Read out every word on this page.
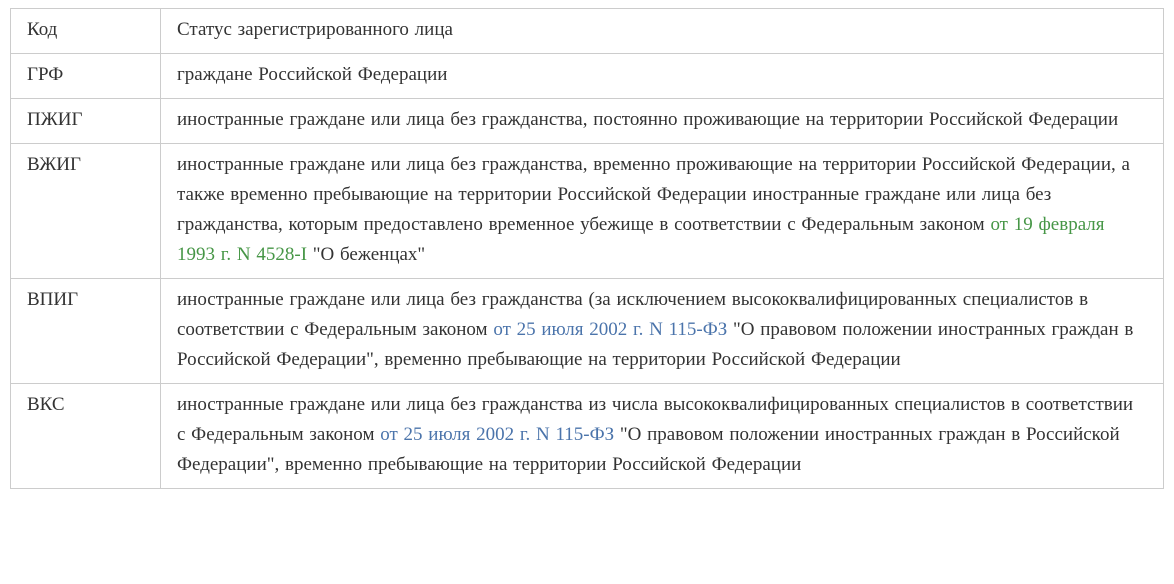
Код	Статус зарегистрированного лица
ГРФ	граждане Российской Федерации
ПЖИГ	иностранные граждане или лица без гражданства, постоянно проживающие на территории Российской Федерации
ВЖИГ	иностранные граждане или лица без гражданства, временно проживающие на территории Российской Федерации, а также временно пребывающие на территории Российской Федерации иностранные граждане или лица без гражданства, которым предоставлено временное убежище в соответствии с Федеральным законом от 19 февраля 1993 г. N 4528-I "О беженцах"
ВПИГ	иностранные граждане или лица без гражданства (за исключением высококвалифицированных специалистов в соответствии с Федеральным законом от 25 июля 2002 г. N 115-ФЗ "О правовом положении иностранных граждан в Российской Федерации", временно пребывающие на территории Российской Федерации
ВКС	иностранные граждане или лица без гражданства из числа высококвалифицированных специалистов в соответствии с Федеральным законом от 25 июля 2002 г. N 115-ФЗ "О правовом положении иностранных граждан в Российской Федерации", временно пребывающие на территории Российской Федерации
